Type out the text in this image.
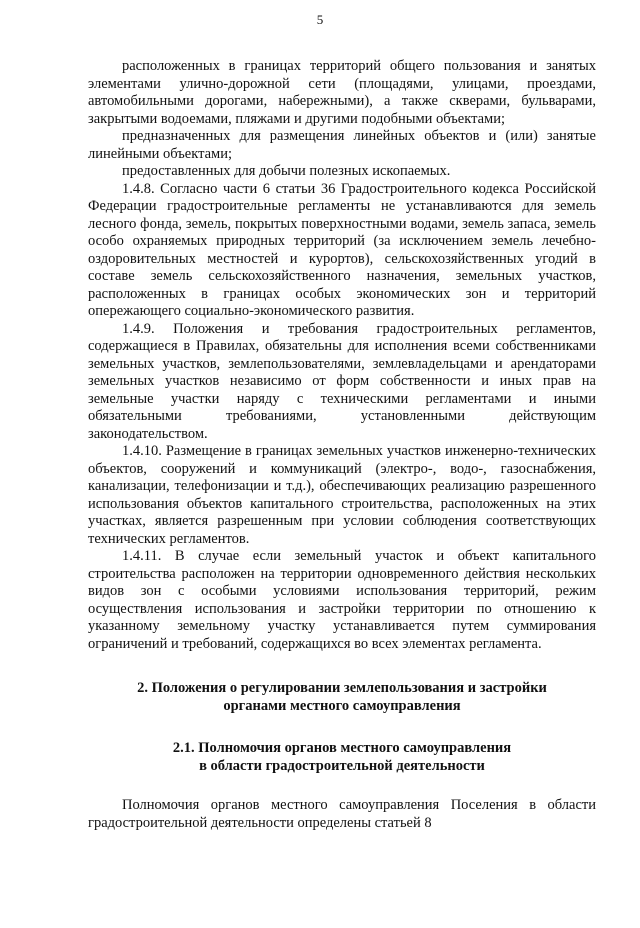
5

расположенных в границах территорий общего пользования и занятых элементами улично-дорожной сети (площадями, улицами, проездами, автомобильными дорогами, набережными), а также скверами, бульварами, закрытыми водоемами, пляжами и другими подобными объектами;

предназначенных для размещения линейных объектов и (или) занятые линейными объектами;

предоставленных для добычи полезных ископаемых.

1.4.8. Согласно части 6 статьи 36 Градостроительного кодекса Российской Федерации градостроительные регламенты не устанавливаются для земель лесного фонда, земель, покрытых поверхностными водами, земель запаса, земель особо охраняемых природных территорий (за исключением земель лечебно-оздоровительных местностей и курортов), сельскохозяйственных угодий в составе земель сельскохозяйственного назначения, земельных участков, расположенных в границах особых экономических зон и территорий опережающего социально-экономического развития.

1.4.9. Положения и требования градостроительных регламентов, содержащиеся в Правилах, обязательны для исполнения всеми собственниками земельных участков, землепользователями, землевладельцами и арендаторами земельных участков независимо от форм собственности и иных прав на земельные участки наряду с техническими регламентами и иными обязательными требованиями, установленными действующим законодательством.

1.4.10. Размещение в границах земельных участков инженерно-технических объектов, сооружений и коммуникаций (электро-, водо-, газоснабжения, канализации, телефонизации и т.д.), обеспечивающих реализацию разрешенного использования объектов капитального строительства, расположенных на этих участках, является разрешенным при условии соблюдения соответствующих технических регламентов.

1.4.11. В случае если земельный участок и объект капитального строительства расположен на территории одновременного действия нескольких видов зон с особыми условиями использования территорий, режим осуществления использования и застройки территории по отношению к указанному земельному участку устанавливается путем суммирования ограничений и требований, содержащихся во всех элементах регламента.

2. Положения о регулировании землепользования и застройки
органами местного самоуправления

2.1. Полномочия органов местного самоуправления
в области градостроительной деятельности

Полномочия органов местного самоуправления Поселения в области градостроительной деятельности определены статьей 8
